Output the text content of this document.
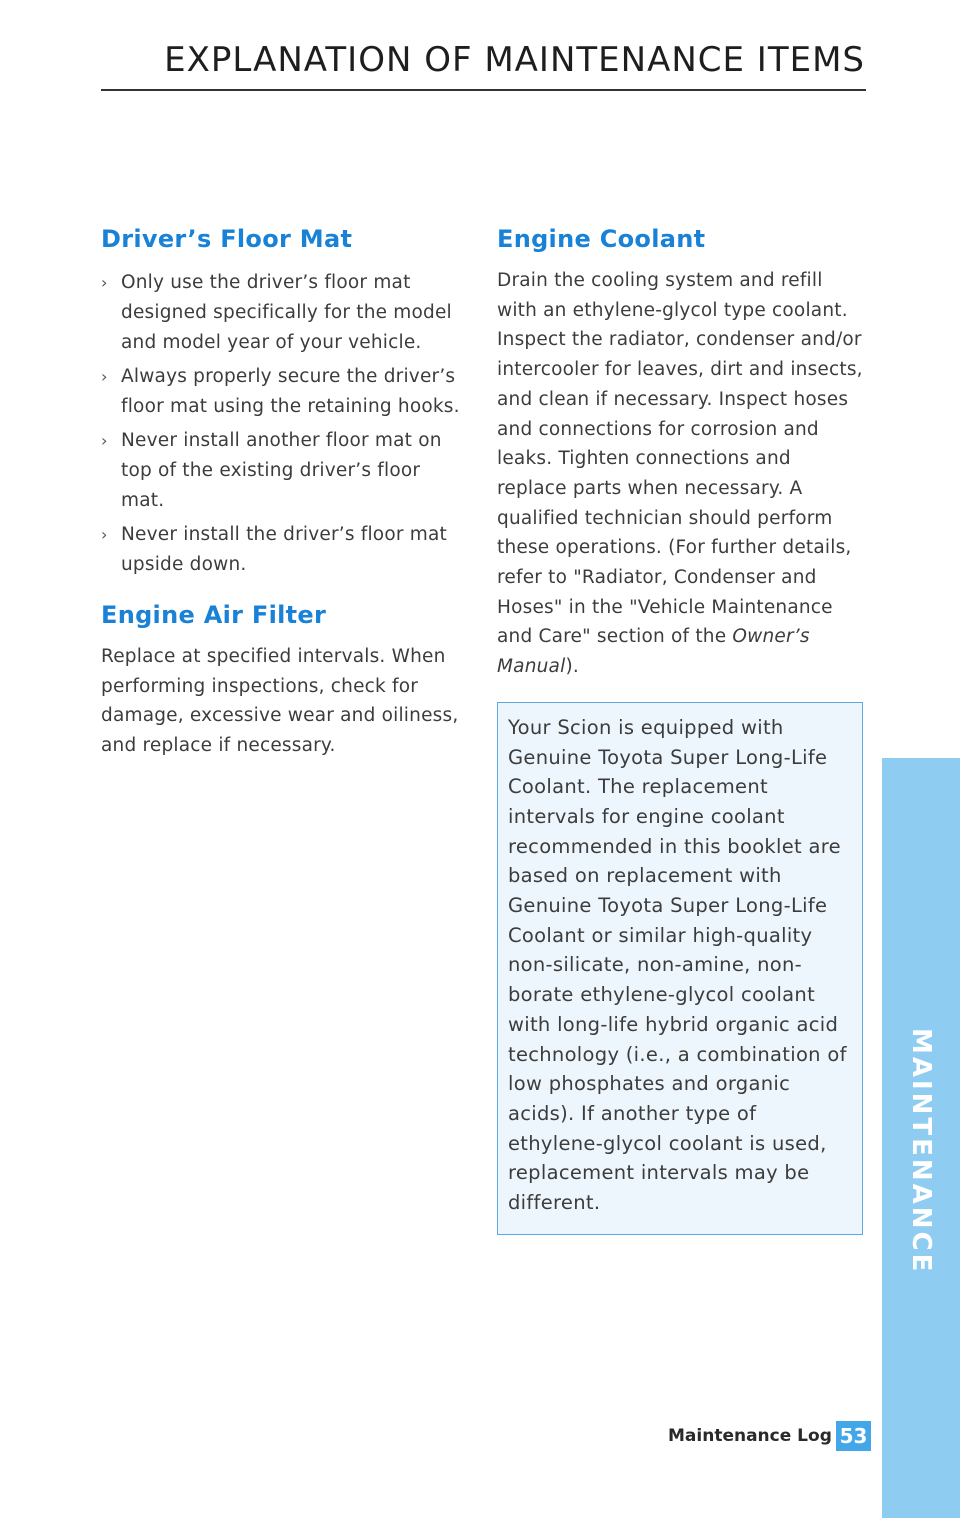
EXPLANATION OF MAINTENANCE ITEMS
Driver’s Floor Mat
› Only use the driver’s floor mat designed specifically for the model and model year of your vehicle.
› Always properly secure the driver’s floor mat using the retaining hooks.
› Never install another floor mat on top of the existing driver’s floor mat.
› Never install the driver’s floor mat upside down.
Engine Air Filter

Replace at specified intervals. When performing inspections, check for damage, excessive wear and oiliness, and replace if necessary.

Engine Coolant

Drain the cooling system and refill with an ethylene-glycol type coolant. Inspect the radiator, condenser and/or intercooler for leaves, dirt and insects, and clean if necessary. Inspect hoses and connections for corrosion and leaks. Tighten connections and replace parts when necessary. A qualified technician should perform these operations. (For further details, refer to "Radiator, Condenser and Hoses" in the "Vehicle Maintenance and Care" section of the Owner’s Manual).

Your Scion is equipped with Genuine Toyota Super Long-Life Coolant. The replacement intervals for engine coolant recommended in this booklet are based on replacement with Genuine Toyota Super Long-Life Coolant or similar high-quality non-silicate, non-amine, non-borate ethylene-glycol coolant with long-life hybrid organic acid technology (i.e., a combination of low phosphates and organic acids). If another type of ethylene-glycol coolant is used, replacement intervals may be different.	MAINTENANCE
Maintenance Log 53
